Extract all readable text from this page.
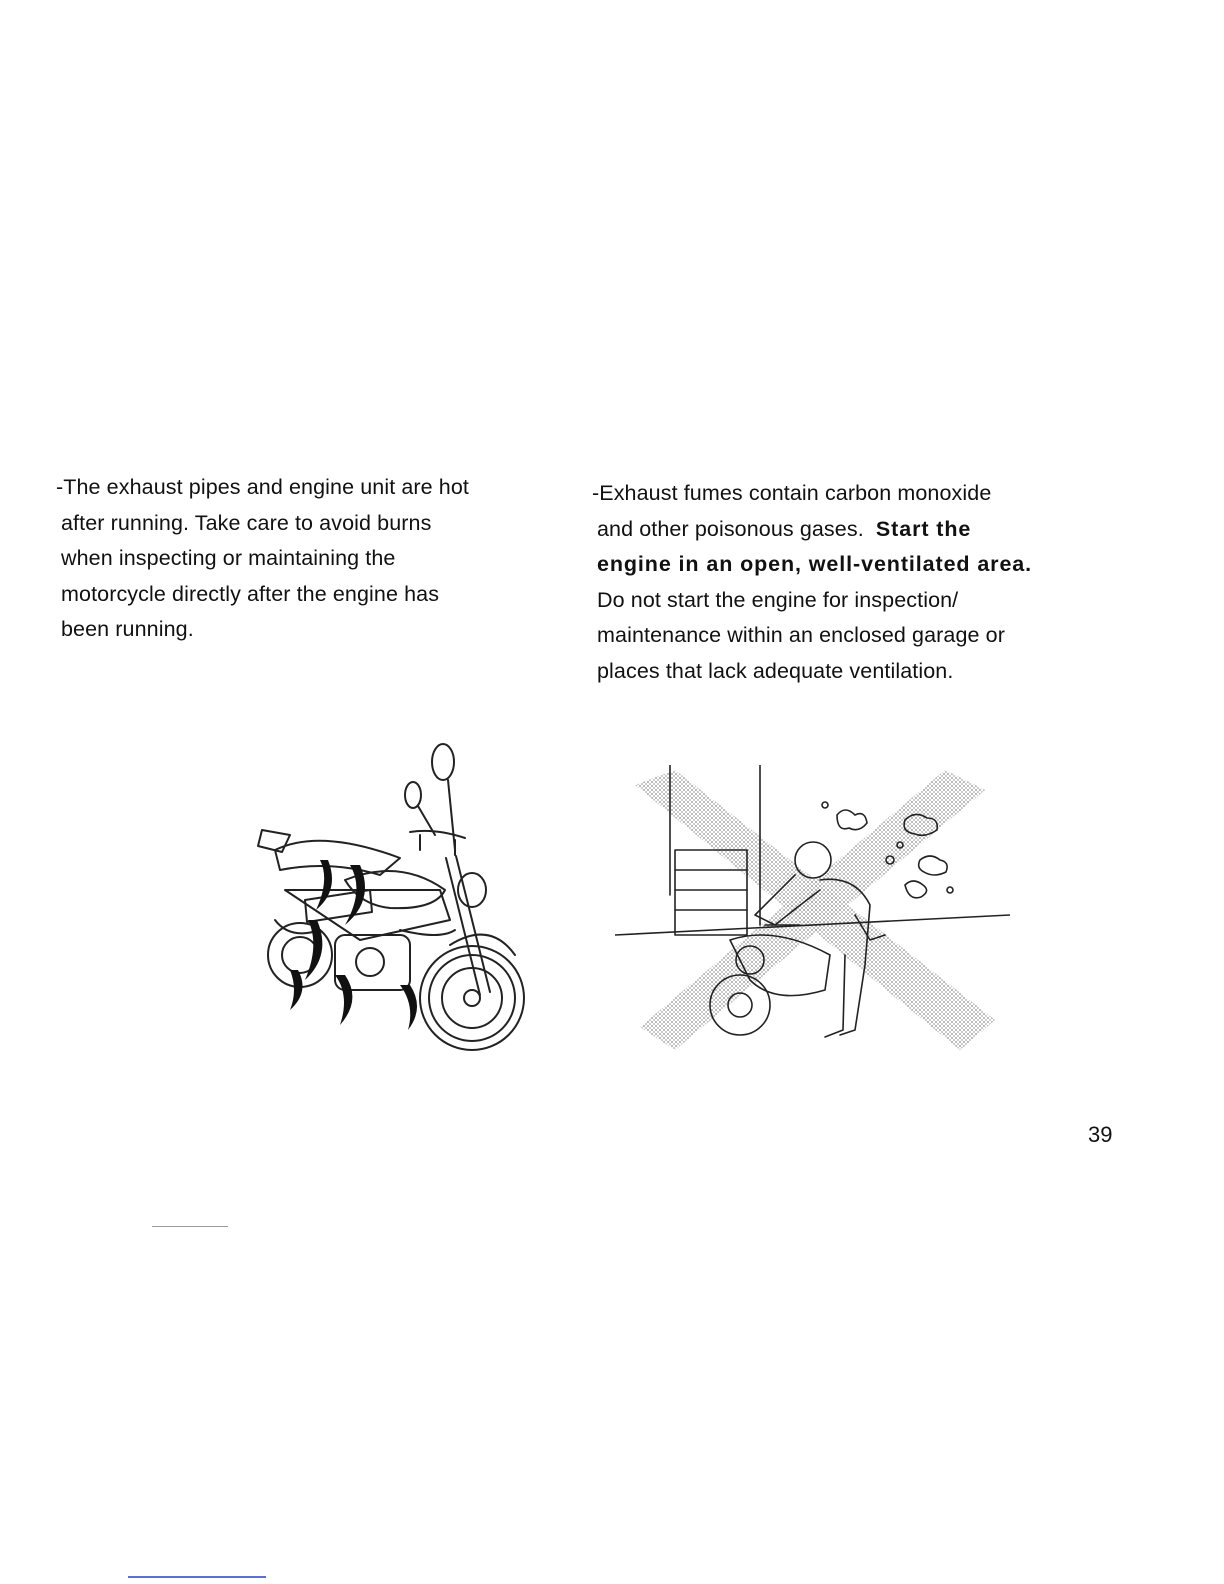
-The exhaust pipes and engine unit are hot
after running. Take care to avoid burns
when inspecting or maintaining the
motorcycle directly after the engine has
been running.
-Exhaust fumes contain carbon monoxide
and other poisonous gases. Start the
engine in an open, well-ventilated area.
Do not start the engine for inspection/
maintenance within an enclosed garage or
places that lack adequate ventilation.
39
